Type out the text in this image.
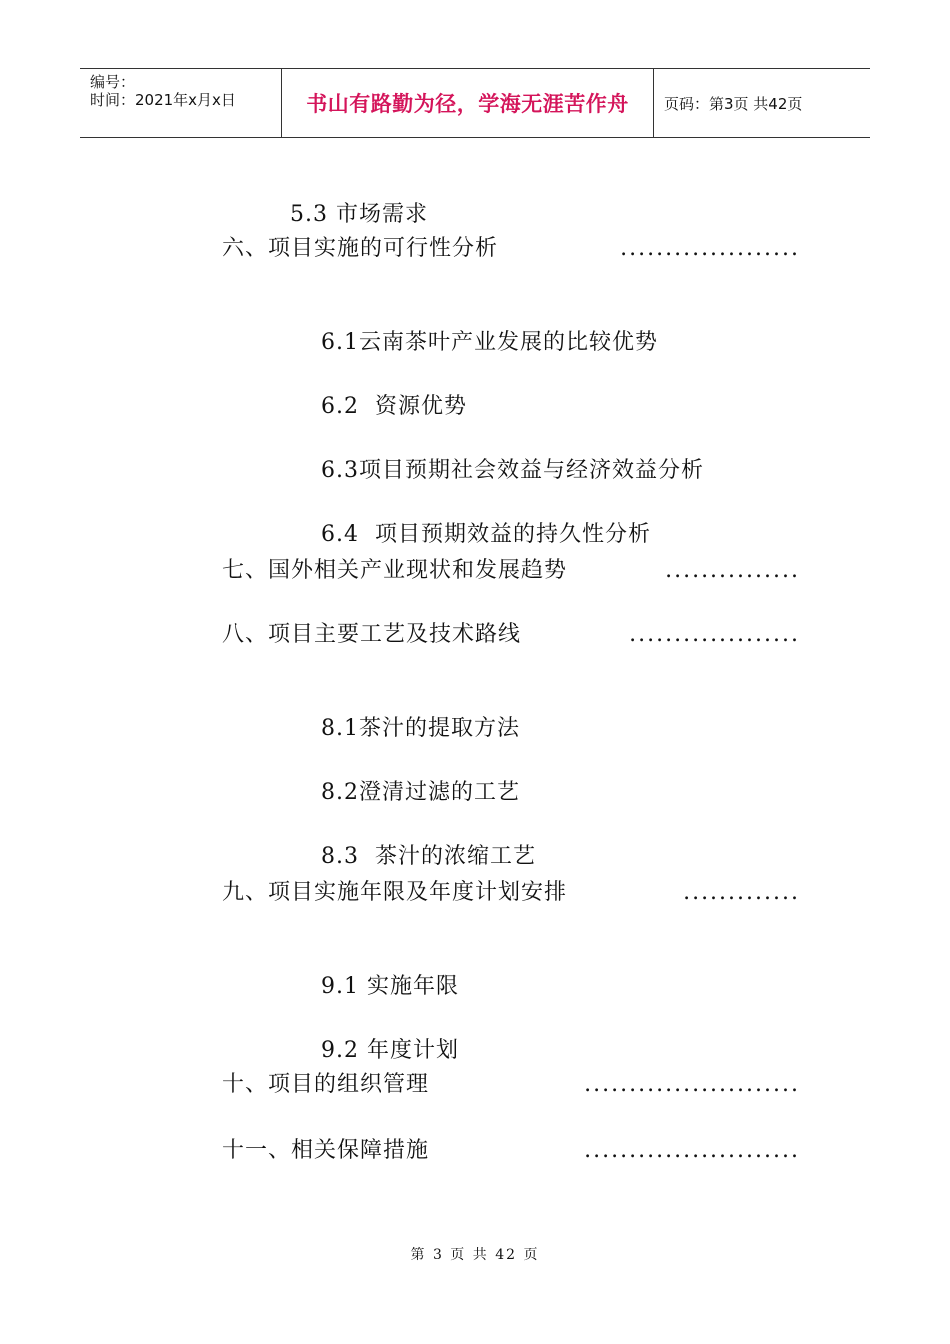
编号：
时间：2021年x月x日	书山有路勤为径，学海无涯苦作舟 页码：第3页 共42页

5.3 市场需求

六、项目实施的可行性分析	....................

6.1云南茶叶产业发展的比较优势

6.2  资源优势

6.3项目预期社会效益与经济效益分析

6.4  项目预期效益的持久性分析

七、国外相关产业现状和发展趋势	...............
八、项目主要工艺及技术路线	...................

8.1茶汁的提取方法

8.2澄清过滤的工艺

8.3  茶汁的浓缩工艺

九、项目实施年限及年度计划安排	.............

9.1 实施年限

9.2 年度计划

十、项目的组织管理	........................
十一、相关保障措施	........................
第 3 页 共 42 页
